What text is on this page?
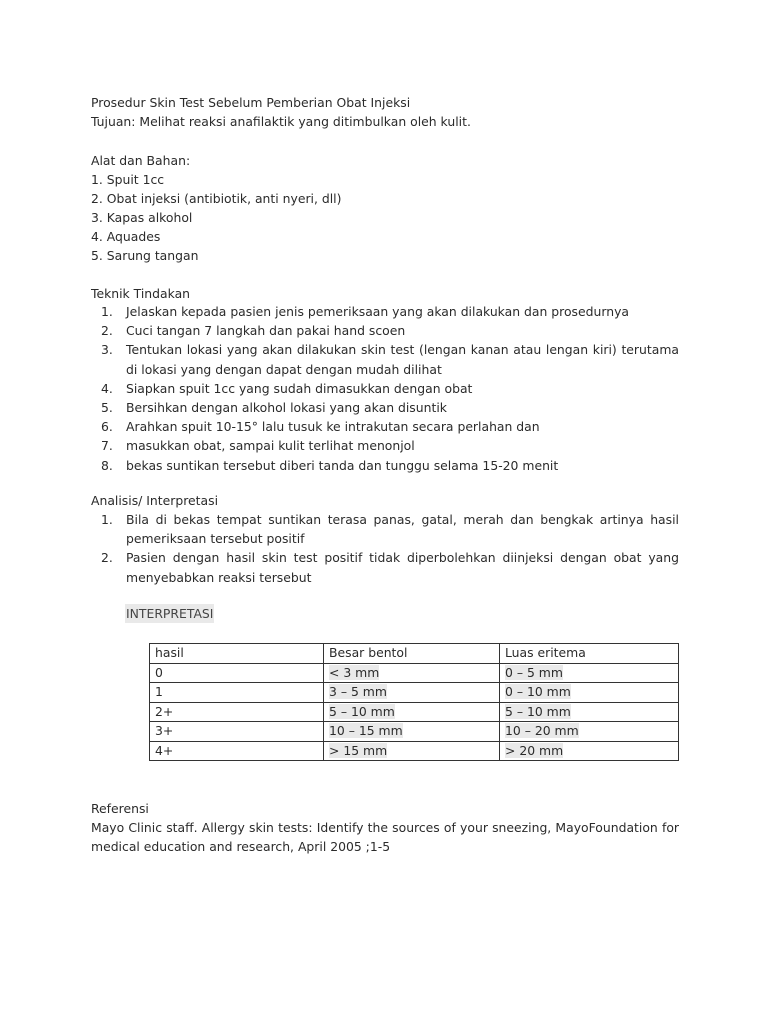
Prosedur Skin Test Sebelum Pemberian Obat Injeksi
Tujuan: Melihat reaksi anafilaktik yang ditimbulkan oleh kulit.
Alat dan Bahan:
1. Spuit 1cc
2. Obat injeksi (antibiotik, anti nyeri, dll)
3. Kapas alkohol
4. Aquades
5. Sarung tangan
Teknik Tindakan
1. Jelaskan kepada pasien jenis pemeriksaan yang akan dilakukan dan prosedurnya
2. Cuci tangan 7 langkah dan pakai hand scoen
3. Tentukan lokasi yang akan dilakukan skin test (lengan kanan atau lengan kiri) terutama di lokasi yang dengan dapat dengan mudah dilihat
4. Siapkan spuit 1cc yang sudah dimasukkan dengan obat
5. Bersihkan dengan alkohol lokasi yang akan disuntik
6. Arahkan spuit 10-15° lalu tusuk ke intrakutan secara perlahan dan
7. masukkan obat, sampai kulit terlihat menonjol
8. bekas suntikan tersebut diberi tanda dan tunggu selama 15-20 menit
Analisis/ Interpretasi
1. Bila di bekas tempat suntikan terasa panas, gatal, merah dan bengkak artinya hasil pemeriksaan tersebut positif
2. Pasien dengan hasil skin test positif tidak diperbolehkan diinjeksi dengan obat yang menyebabkan reaksi tersebut
INTERPRETASI
hasil	Besar bentol	Luas eritema
0	< 3 mm	0 – 5 mm
1	3 – 5 mm	0 – 10 mm
2+	5 – 10 mm	5 – 10 mm
3+	10 – 15 mm	10 – 20 mm
4+	> 15 mm	> 20 mm
Referensi
Mayo Clinic staff. Allergy skin tests: Identify the sources of your sneezing, MayoFoundation for medical education and research, April 2005 ;1-5
